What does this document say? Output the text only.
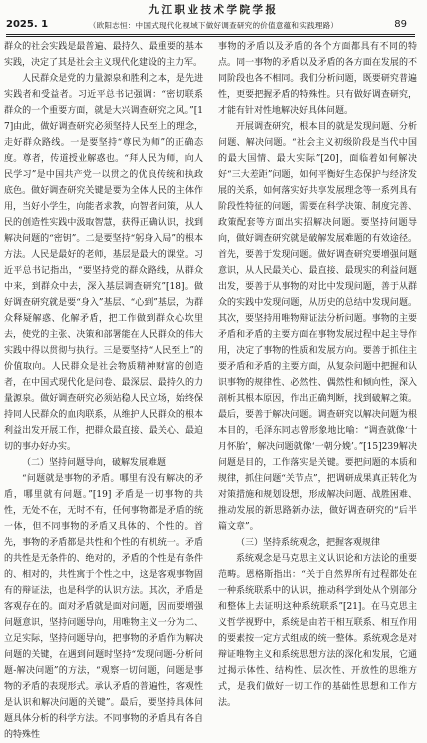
九江职业技术学院学报
2025. 1	（欧阳志恒：中国式现代化视域下做好调查研究的价值意蕴和实践理路）	89

群众的社会实践是最普遍、最持久、最重要的基本实践，决定了其是社会主义现代化建设的主力军。

人民群众是党的力量源泉和胜利之本，是先进实践者和受益者。习近平总书记强调：“密切联系群众的一个重要方面，就是大兴调查研究之风。”[17]由此，做好调查研究必须坚持人民至上的理念，走好群众路线。一是要坚持“尊民为师”的正确态度。尊者，传道授业解惑也。“拜人民为师，向人民学习”是中国共产党一以贯之的优良传统和执政底色。做好调查研究关键是要为全体人民的主体作用，当好小学生，向能者求教，向智者问策，从人民的创造性实践中汲取智慧，获得正确认识，找到解决问题的“密钥”。二是要坚持“躬身入局”的根本方法。人民是最好的老师，基层是最大的课堂。习近平总书记指出，“要坚持党的群众路线，从群众中来，到群众中去，深入基层调查研究”[18]。做好调查研究就是要“身入”基层、“心到”基层，为群众释疑解惑、化解矛盾，把工作做到群众心坎里去，使党的主张、决策和部署能在人民群众的伟大实践中得以贯彻与执行。三是要坚持“人民至上”的价值取向。人民群众是社会物质精神财富的创造者，在中国式现代化是问卷、最深层、最持久的力量源泉。做好调查研究必须站稳人民立场，始终保持同人民群众的血肉联系，从维护人民群众的根本利益出发开展工作，把群众最直接、最关心、最迫切的事办好办实。

（二）坚持问题导向，破解发展难题

“问题就是事物的矛盾。哪里有没有解决的矛盾，哪里就有问题。”[19] 矛盾是一切事物的共性，无处不在，无时不有，任何事物都是矛盾的统一体，但不同事物的矛盾又具体的、个性的。首先，事物的矛盾都是共性和个性的有机统一。矛盾的共性是无条件的、绝对的，矛盾的个性是有条件的、相对的，共性寓于个性之中，这是客观事物固有的辩证法，也是科学的认识方法。其次，矛盾是客观存在的。面对矛盾就是面对问题，因而要增强问题意识，坚持问题导向，用唯物主义一分为二、立足实际，坚持问题导向，把事物的矛盾作为解决问题的关键，在遇到问题时坚持“发现问题-分析问题-解决问题”的方法，“观察一切问题，问题是事物的矛盾的表现形式。承认矛盾的普遍性，客观性是认识和解决问题的关键”。最后，要坚持具体问题具体分析的科学方法。不同事物的矛盾具有各自的特殊性

事物的矛盾以及矛盾的各个方面都具有不同的特点。同一事物的矛盾以及矛盾的各方面在发展的不同阶段也各不相同。我们分析问题，既要研究普遍性，更要把握矛盾的特殊性。只有做好调查研究，才能有针对性地解决好具体问题。

开展调查研究，根本目的就是发现问题、分析问题、解决问题。“社会主义初级阶段是当代中国的最大国情、最大实际”[20]，面临着如何解决好“三大差距”问题，如何平衡好生态保护与经济发展的关系，如何落实好共享发展理念等一系列具有阶段性特征的问题，需要在科学决策、制度完善、政策配套等方面出实招解决问题。要坚持问题导向，做好调查研究就是破解发展难题的有效途径。首先，要善于发现问题。做好调查研究要增强问题意识，从人民最关心、最直接、最现实的利益问题出发，要善于从事物的对比中发现问题，善于从群众的实践中发现问题，从历史的总结中发现问题。其次，要坚持用唯物辩证法分析问题。事物的主要矛盾和矛盾的主要方面在事物发展过程中起主导作用，决定了事物的性质和发展方向。要善于抓住主要矛盾和矛盾的主要方面，从复杂问题中把握和认识事物的规律性、必然性、偶然性和倾向性，深入剖析其根本原因，作出正确判断，找到破解之策。最后，要善于解决问题。调查研究以解决问题为根本目的，毛泽东同志曾形象地比喻：“调查就像‘十月怀胎’，解决问题就像‘一朝分娩’。”[15]239解决问题是目的，工作落实是关键。要把问题的本质和规律，抓住问题“关节点”，把调研成果真正转化为对策措施和规划设想，形成解决问题、战胜困难、推动发展的新思路新办法，做好调查研究的“后半篇文章”。

（三）坚持系统观念，把握客观规律

系统观念是马克思主义认识论和方法论的重要范畴。恩格斯指出：“关于自然界所有过程都处在一种系统联系中的认识，推动科学到处从个别部分和整体上去证明这种系统联系”[21]。在马克思主义哲学视野中，系统是由若干相互联系、相互作用的要素按一定方式组成的统一整体。系统观念是对辩证唯物主义和系统思想方法的深化和发展，它通过揭示体性、结构性、层次性、开放性的思维方式，是我们做好一切工作的基础性思想和工作方法。
